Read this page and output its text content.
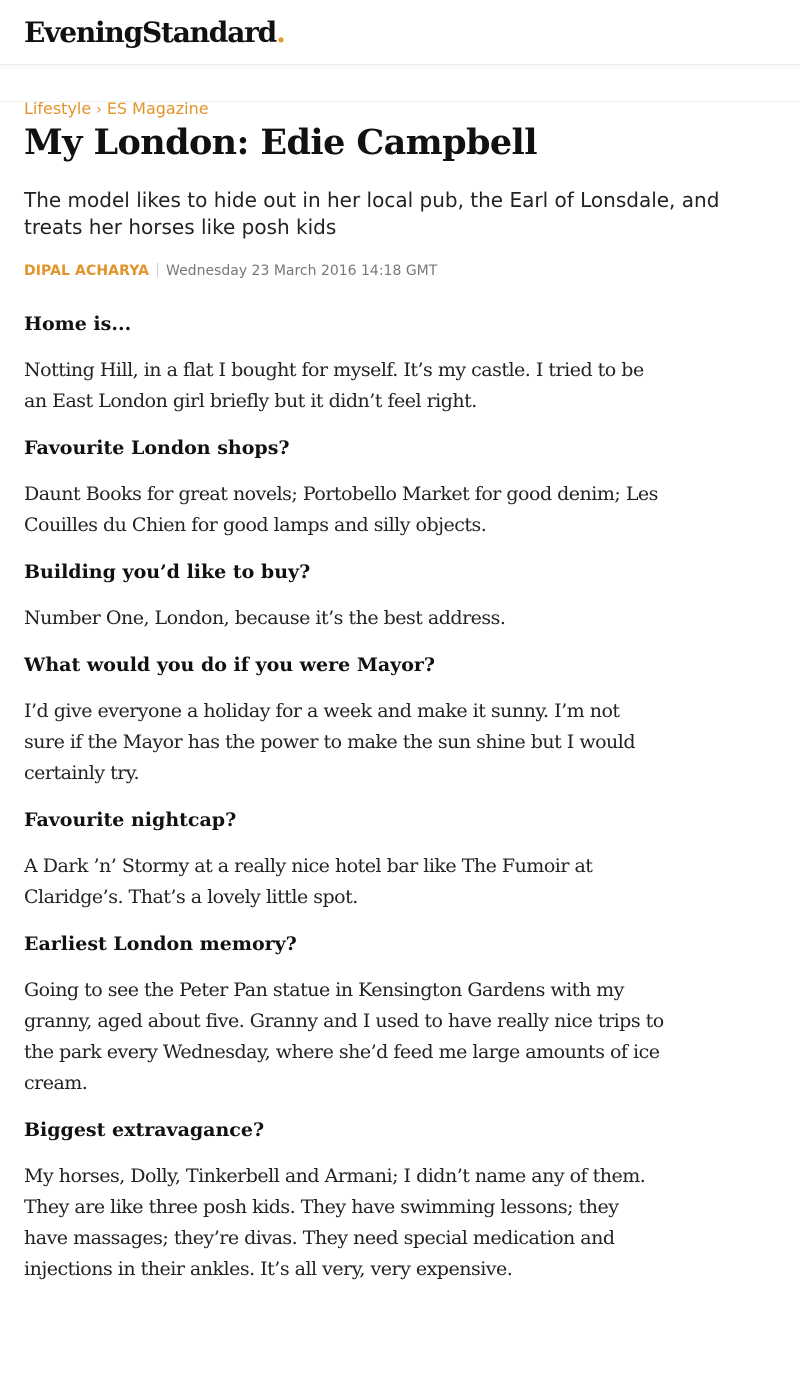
EveningStandard.
Lifestyle › ES Magazine
My London: Edie Campbell

The model likes to hide out in her local pub, the Earl of Lonsdale, and treats her horses like posh kids

DIPAL ACHARYA Wednesday 23 March 2016 14:18 GMT
Home is...

Notting Hill, in a flat I bought for myself. It’s my castle. I tried to be an East London girl briefly but it didn’t feel right.

Favourite London shops?

Daunt Books for great novels; Portobello Market for good denim; Les Couilles du Chien for good lamps and silly objects.

Building you’d like to buy?

Number One, London, because it’s the best address.

What would you do if you were Mayor?

I’d give everyone a holiday for a week and make it sunny. I’m not sure if the Mayor has the power to make the sun shine but I would certainly try.

Favourite nightcap?

A Dark ’n’ Stormy at a really nice hotel bar like The Fumoir at Claridge’s. That’s a lovely little spot.

Earliest London memory?

Going to see the Peter Pan statue in Kensington Gardens with my granny, aged about five. Granny and I used to have really nice trips to the park every Wednesday, where she’d feed me large amounts of ice cream.

Biggest extravagance?

My horses, Dolly, Tinkerbell and Armani; I didn’t name any of them. They are like three posh kids. They have swimming lessons; they have massages; they’re divas. They need special medication and injections in their ankles. It’s all very, very expensive.
